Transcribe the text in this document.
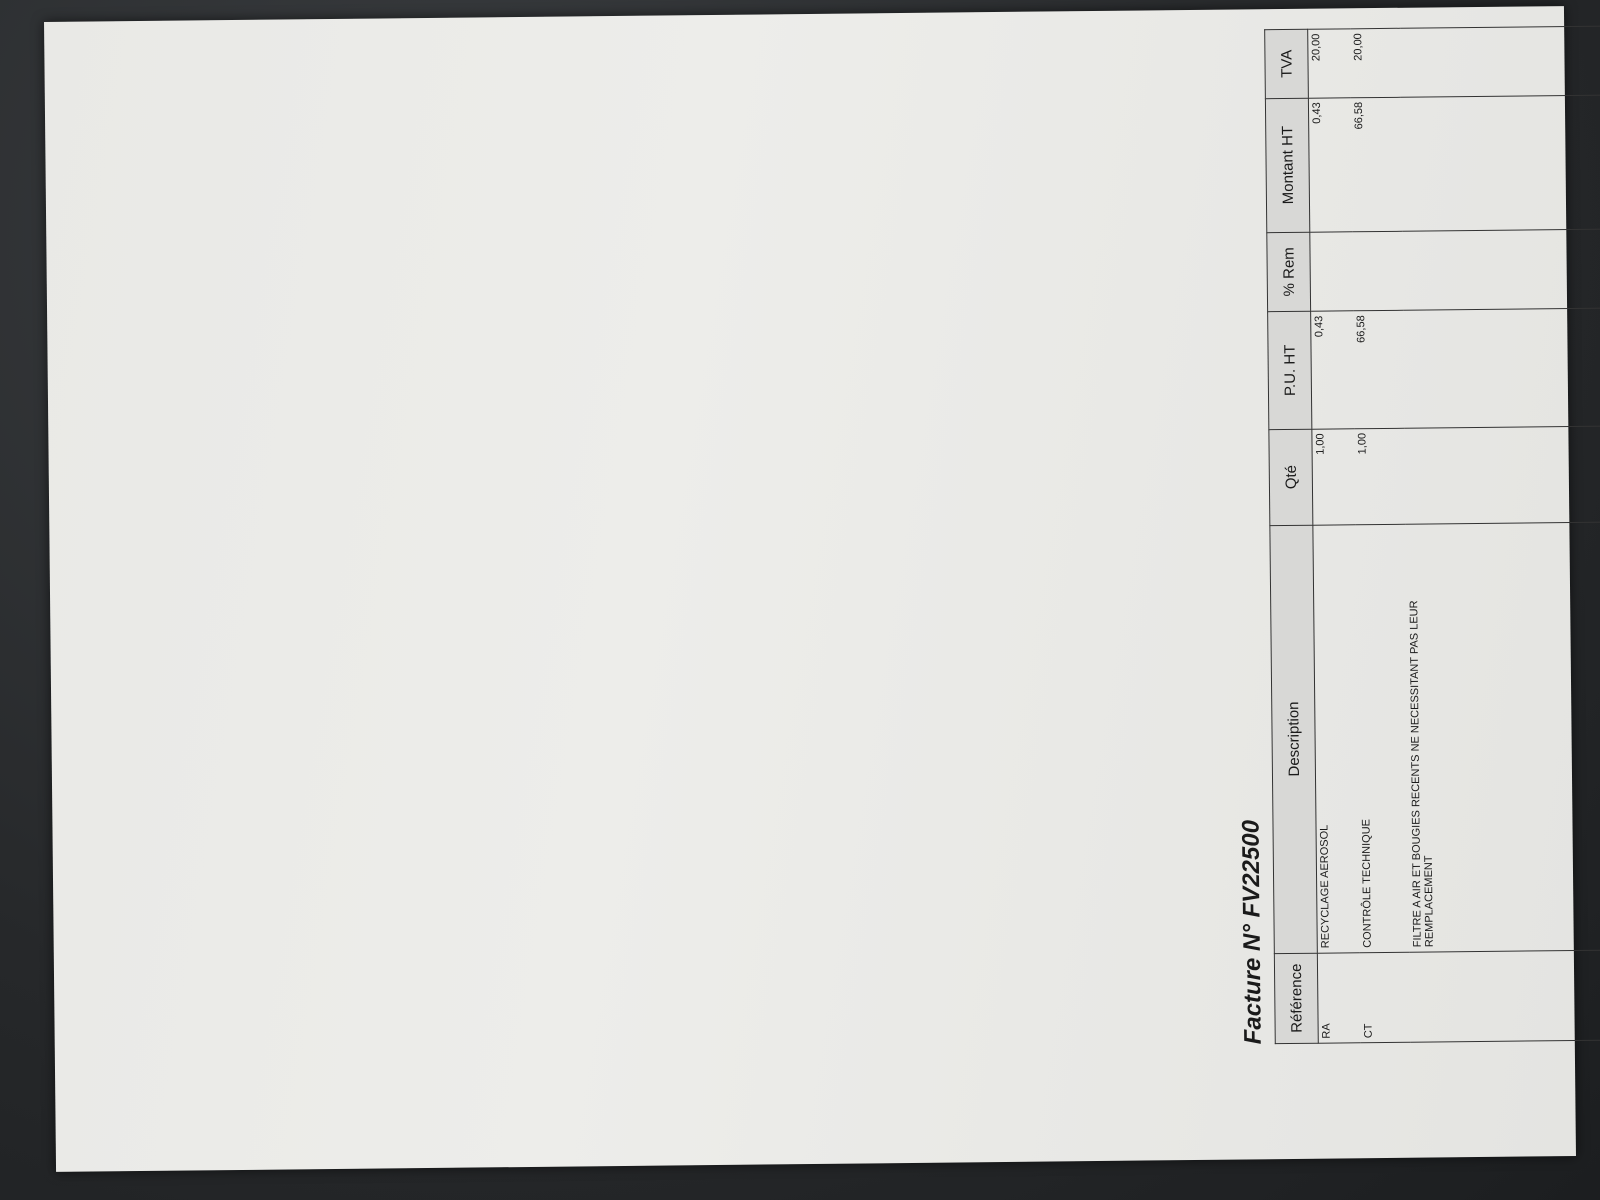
Facture N° FV22500 Référence	Description	Qté	P.U. HT	% Rem	Montant HT	TVA
RA	RECYCLAGE AEROSOL	1,00	0,43		0,43	20,00
CT	CONTRÔLE TECHNIQUE	1,00	66,58		66,58	20,00
	FILTRE A AIR ET BOUGIES RECENTS NE NECESSITANT PAS LEUR REMPLACEMENT					
